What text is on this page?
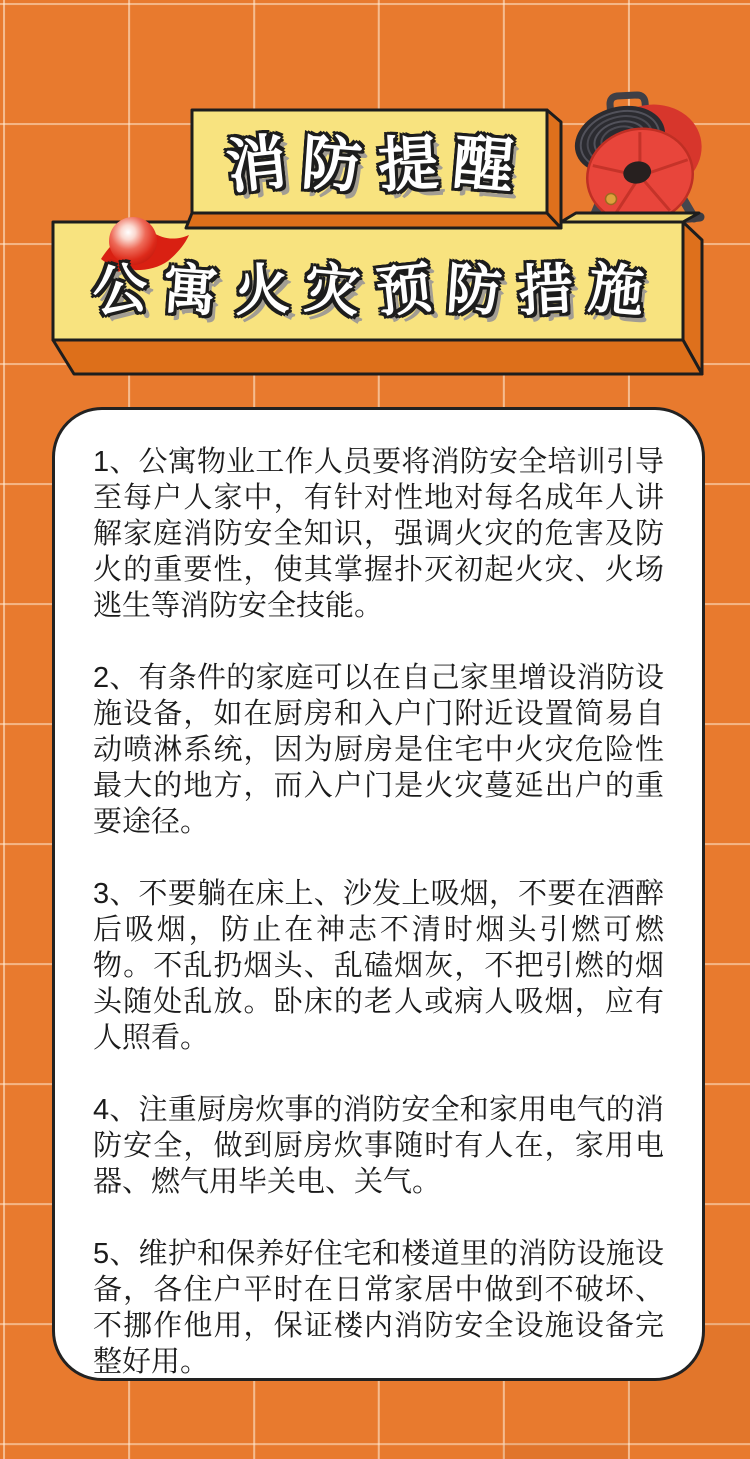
消 防 提 醒
公 寓 火 灾 预 防 措 施

1、公寓物业工作人员要将消防安全培训引导至每户人家中，有针对性地对每名成年人讲解家庭消防安全知识，强调火灾的危害及防火的重要性，使其掌握扑灭初起火灾、火场逃生等消防安全技能。

2、有条件的家庭可以在自己家里增设消防设施设备，如在厨房和入户门附近设置简易自动喷淋系统，因为厨房是住宅中火灾危险性最大的地方，而入户门是火灾蔓延出户的重要途径。

3、不要躺在床上、沙发上吸烟，不要在酒醉后吸烟，防止在神志不清时烟头引燃可燃物。不乱扔烟头、乱磕烟灰，不把引燃的烟头随处乱放。卧床的老人或病人吸烟，应有人照看。

4、注重厨房炊事的消防安全和家用电气的消防安全，做到厨房炊事随时有人在，家用电器、燃气用毕关电、关气。

5、维护和保养好住宅和楼道里的消防设施设备，各住户平时在日常家居中做到不破坏、不挪作他用，保证楼内消防安全设施设备完整好用。
